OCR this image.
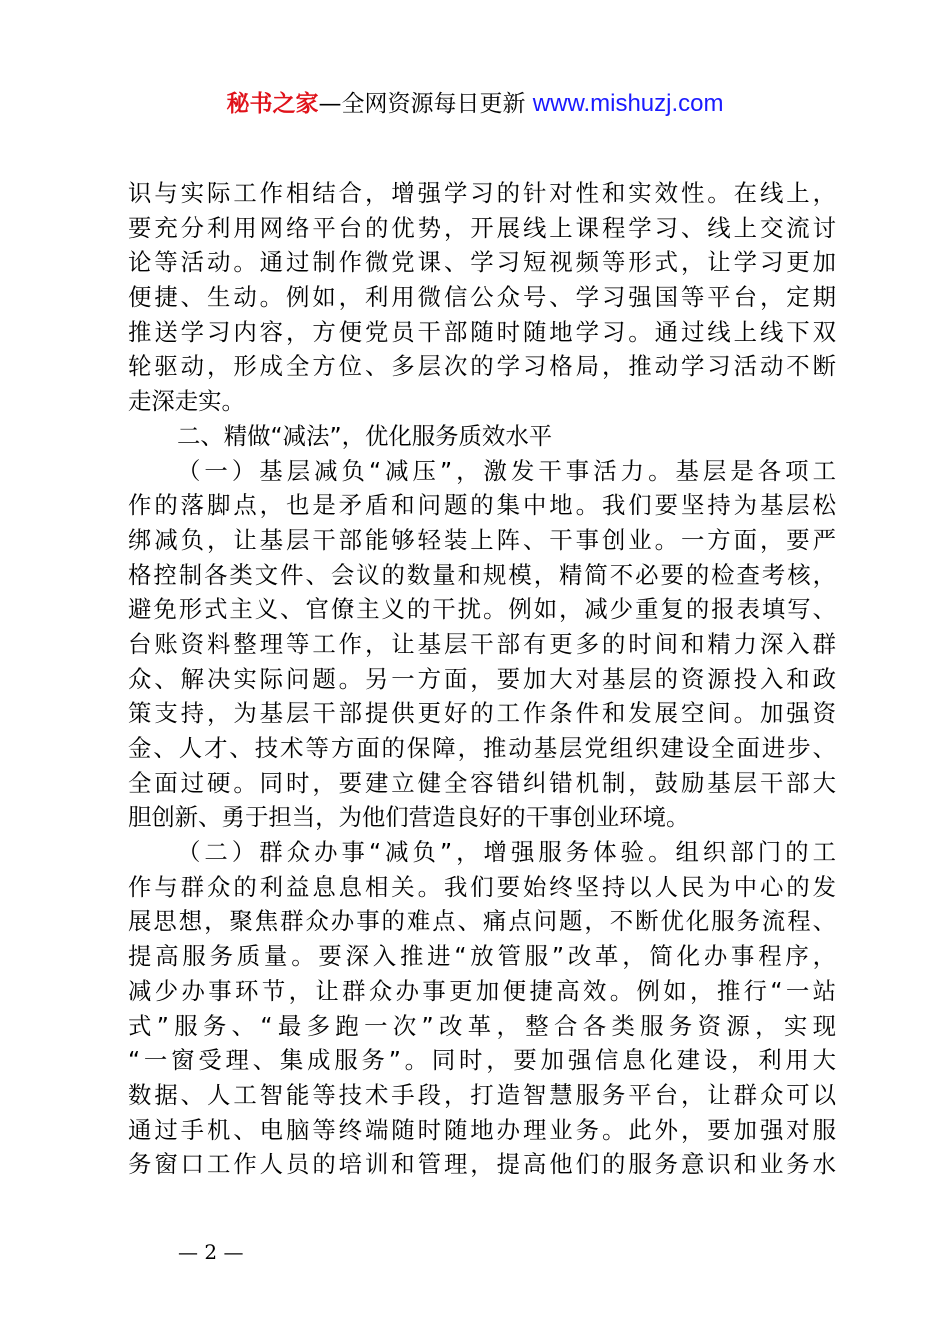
秘书之家—全网资源每日更新 www.mishuzj.com
识与实际工作相结合，增强学习的针对性和实效性。在线上，
要充分利用网络平台的优势，开展线上课程学习、线上交流讨
论等活动。通过制作微党课、学习短视频等形式，让学习更加
便捷、生动。例如，利用微信公众号、学习强国等平台，定期
推送学习内容，方便党员干部随时随地学习。通过线上线下双
轮驱动，形成全方位、多层次的学习格局，推动学习活动不断
走深走实。
二、精做“减法”，优化服务质效水平
（一）基层减负“减压”，激发干事活力。基层是各项工
作的落脚点，也是矛盾和问题的集中地。我们要坚持为基层松
绑减负，让基层干部能够轻装上阵、干事创业。一方面，要严
格控制各类文件、会议的数量和规模，精简不必要的检查考核，
避免形式主义、官僚主义的干扰。例如，减少重复的报表填写、
台账资料整理等工作，让基层干部有更多的时间和精力深入群
众、解决实际问题。另一方面，要加大对基层的资源投入和政
策支持，为基层干部提供更好的工作条件和发展空间。加强资
金、人才、技术等方面的保障，推动基层党组织建设全面进步、
全面过硬。同时，要建立健全容错纠错机制，鼓励基层干部大
胆创新、勇于担当，为他们营造良好的干事创业环境。
（二）群众办事“减负”，增强服务体验。组织部门的工
作与群众的利益息息相关。我们要始终坚持以人民为中心的发
展思想，聚焦群众办事的难点、痛点问题，不断优化服务流程、
提高服务质量。要深入推进“放管服”改革，简化办事程序，
减少办事环节，让群众办事更加便捷高效。例如，推行“一站
式”服务、“最多跑一次”改革，整合各类服务资源，实现
“一窗受理、集成服务”。同时，要加强信息化建设，利用大
数据、人工智能等技术手段，打造智慧服务平台，让群众可以
通过手机、电脑等终端随时随地办理业务。此外，要加强对服
务窗口工作人员的培训和管理，提高他们的服务意识和业务水
— 2 —
